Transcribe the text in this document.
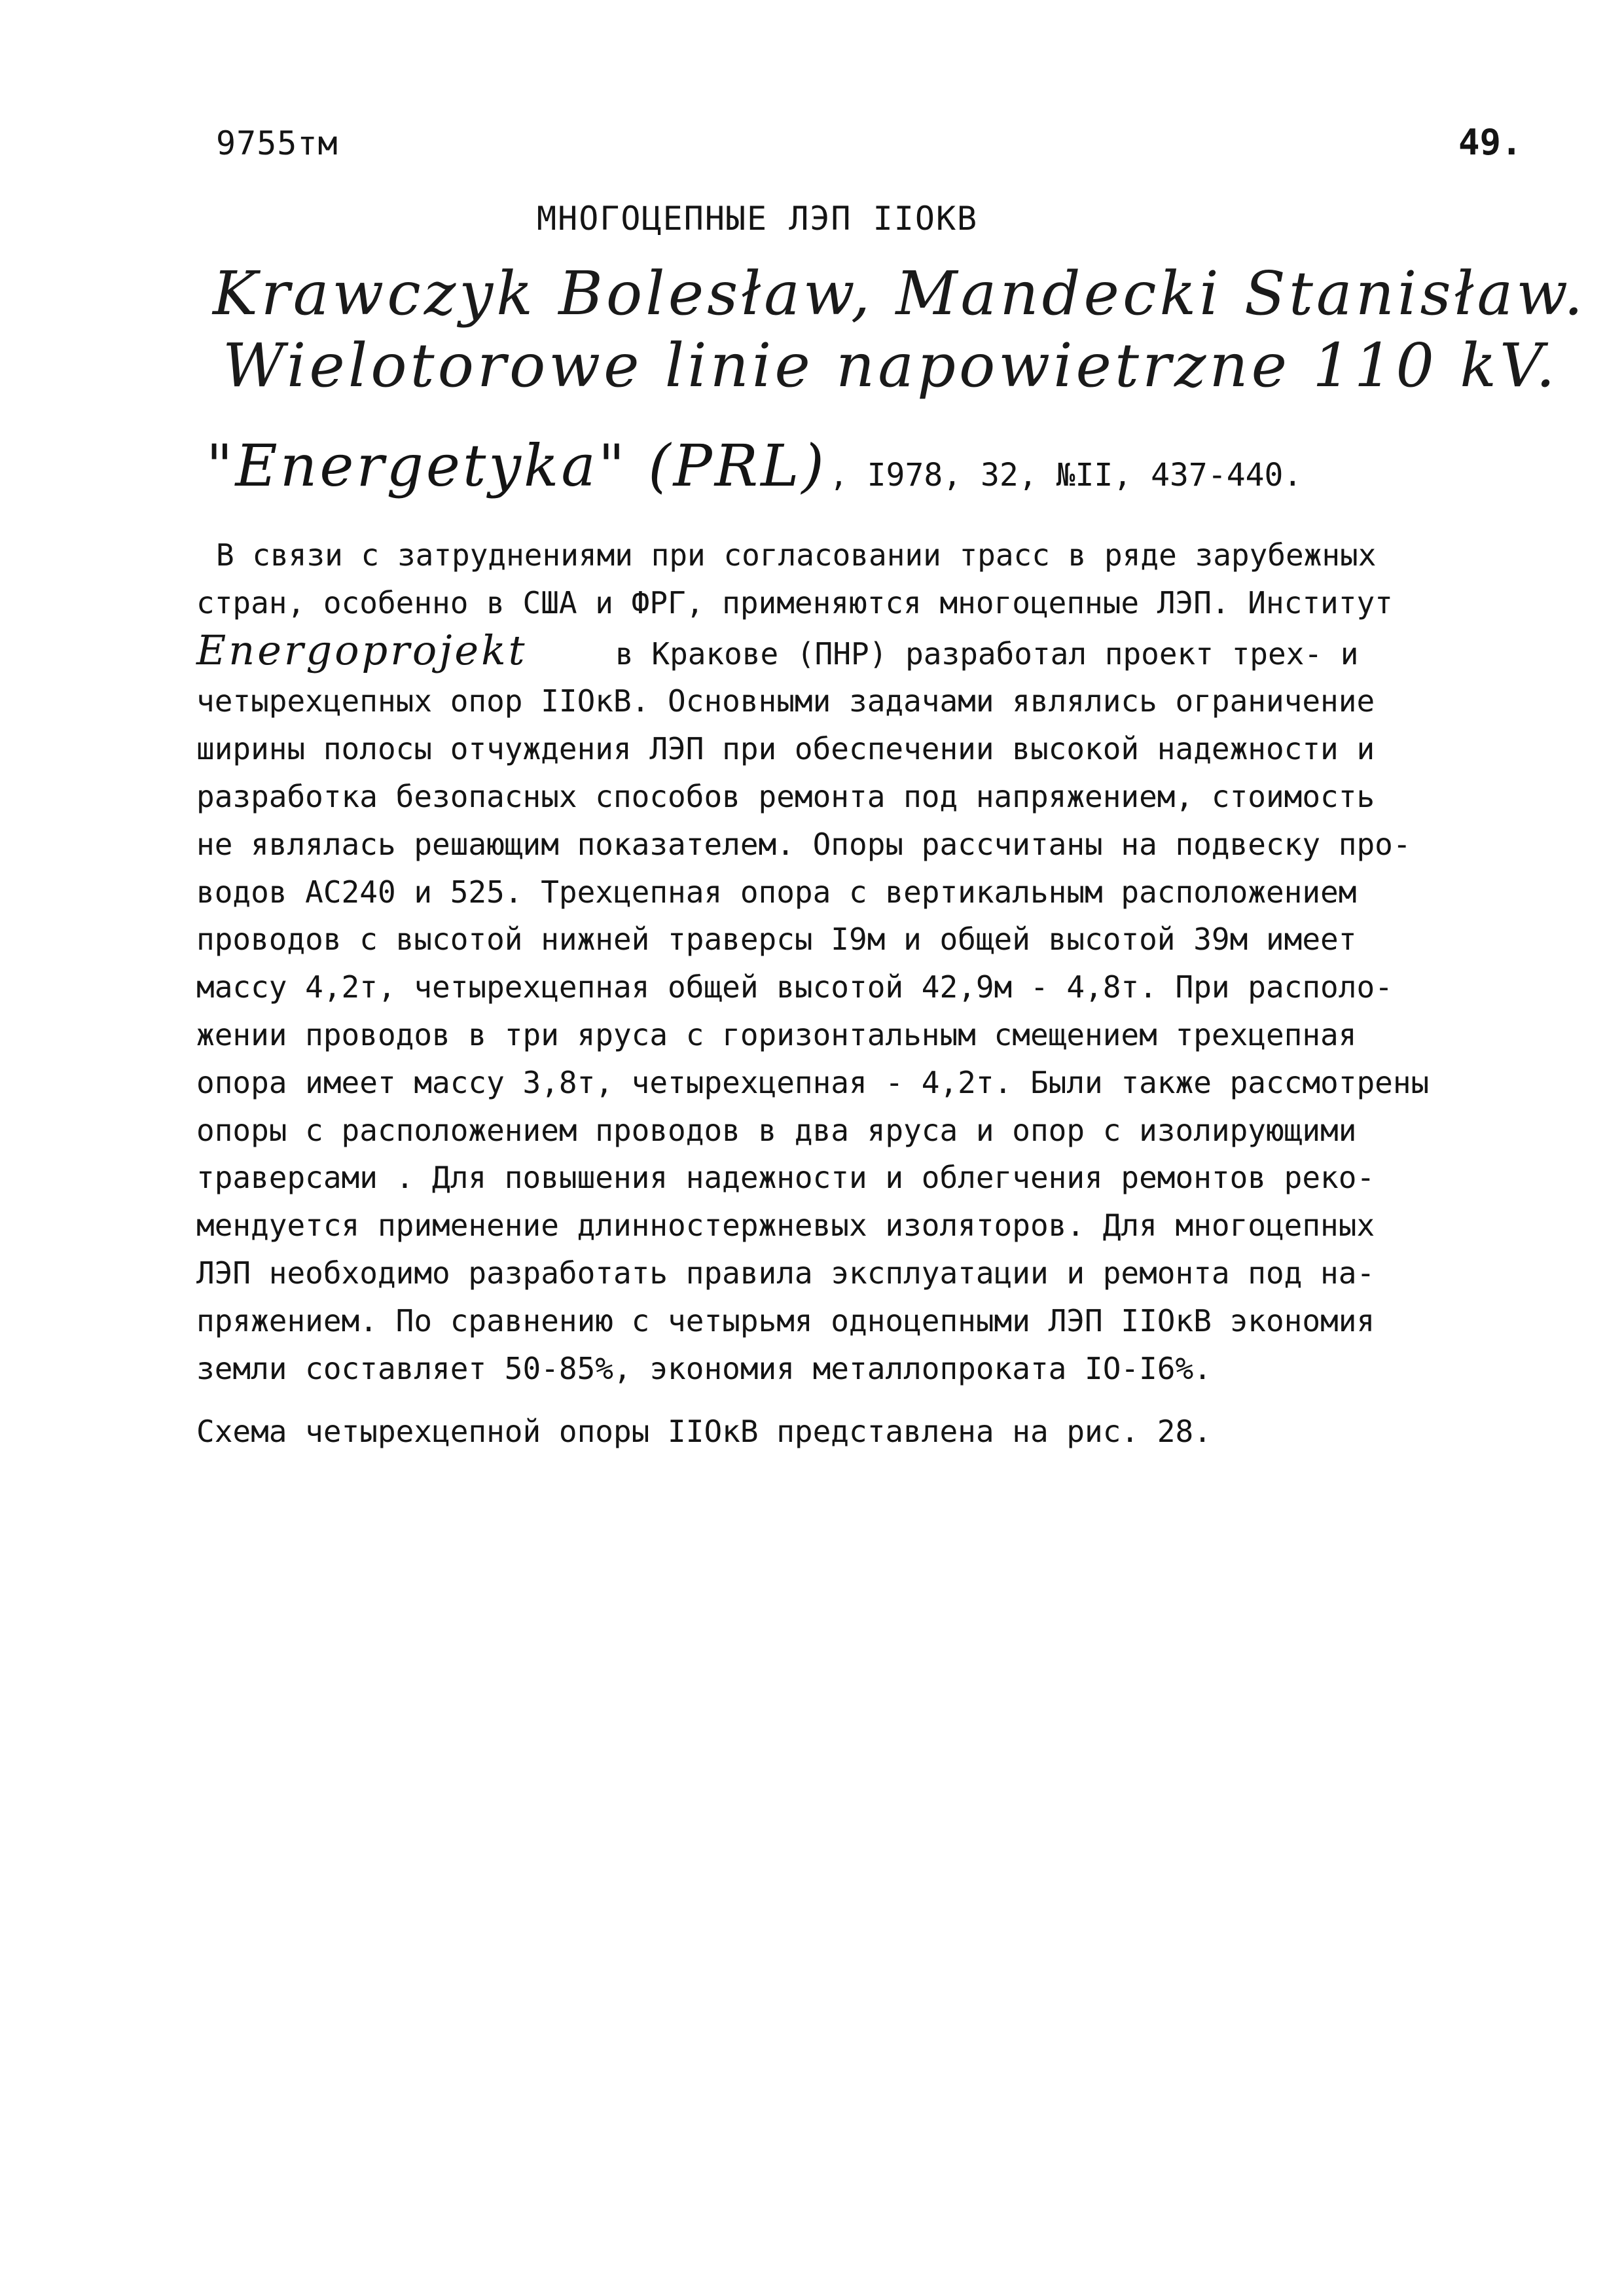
9755тм	49.
МНОГОЦЕПНЫЕ ЛЭП IIОКВ
Krawczyk Bolesław, Mandecki Stanisław.
Wielotorowe linie napowietrzne 110 kV.
"Energetyka" (PRL), I978, 32, №II, 437-440.
В связи с затруднениями при согласовании трасс в ряде зарубежных
стран, особенно в США и ФРГ, применяются многоцепные ЛЭП. Институт
Energoprojekt	в Кракове (ПНР) разработал проект трех- и
четырехцепных опор IIОкВ. Основными задачами являлись ограничение
ширины полосы отчуждения ЛЭП при обеспечении высокой надежности и
разработка безопасных способов ремонта под напряжением, стоимость
не являлась решающим показателем. Опоры рассчитаны на подвеску про-
водов АС240 и 525. Трехцепная опора с вертикальным расположением
проводов с высотой нижней траверсы I9м и общей высотой 39м имеет
массу 4,2т, четырехцепная общей высотой 42,9м - 4,8т. При располо-
жении проводов в три яруса с горизонтальным смещением трехцепная
опора имеет массу 3,8т, четырехцепная - 4,2т. Были также рассмотрены
опоры с расположением проводов в два яруса и опор с изолирующими
траверсами . Для повышения надежности и облегчения ремонтов реко-
мендуется применение длинностержневых изоляторов. Для многоцепных
ЛЭП необходимо разработать правила эксплуатации и ремонта под на-
пряжением. По сравнению с четырьмя одноцепными ЛЭП IIОкВ экономия
земли составляет 50-85%, экономия металлопроката IO-I6%.
Схема четырехцепной опоры IIОкВ представлена на рис. 28.
